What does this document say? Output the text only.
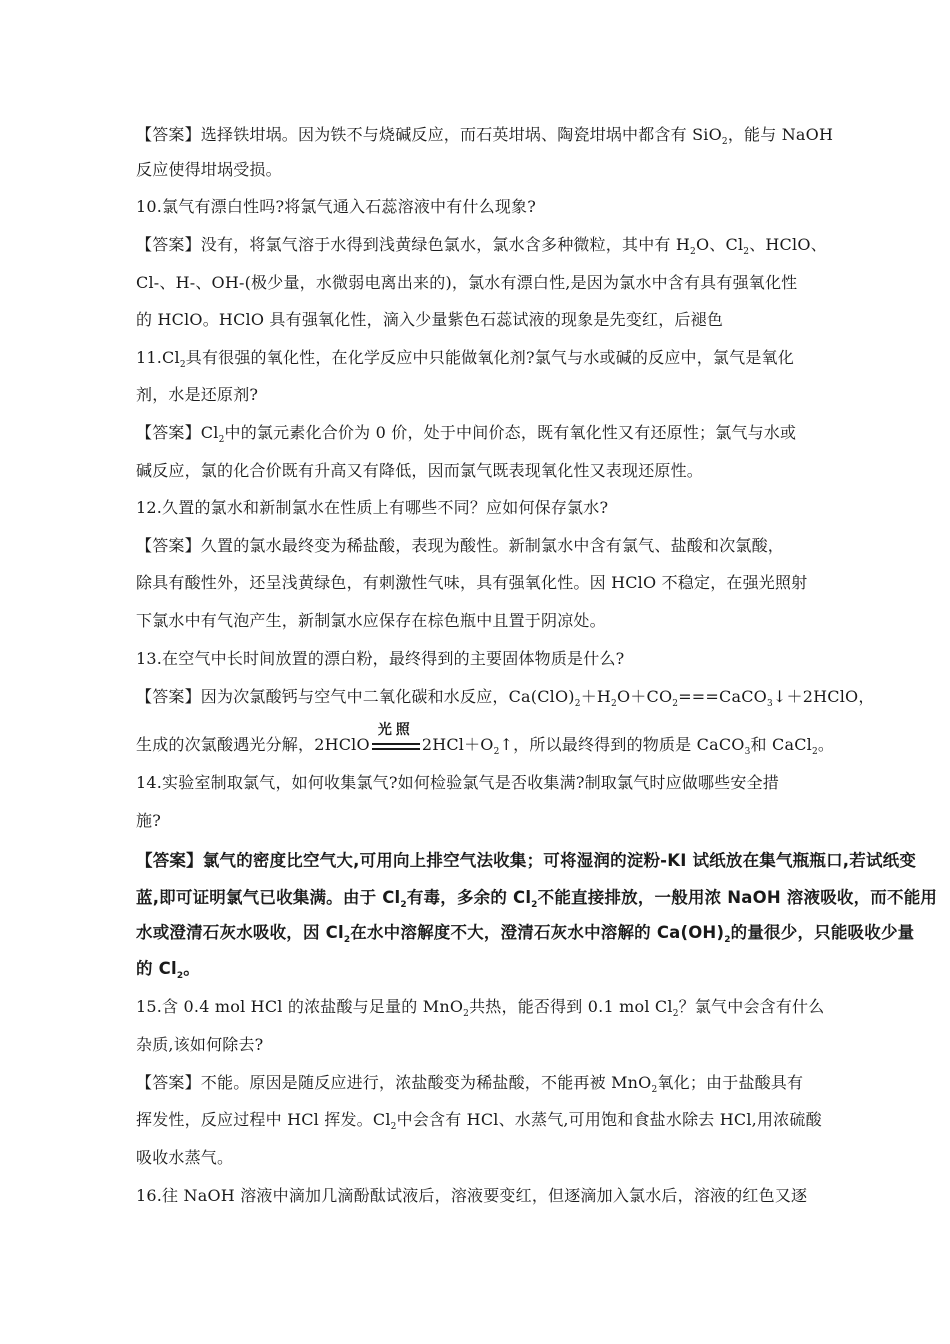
【答案】选择铁坩埚。因为铁不与烧碱反应，而石英坩埚、陶瓷坩埚中都含有 SiO$_2$，能与 NaOH
反应使得坩埚受损。
10.氯气有漂白性吗?将氯气通入石蕊溶液中有什么现象?
【答案】没有，将氯气溶于水得到浅黄绿色氯水，氯水含多种微粒，其中有 $H_2O$、$Cl_2$、HClO、
Cl-、H-、OH-(极少量，水微弱电离出来的)，氯水有漂白性,是因为氯水中含有具有强氧化性
的 HClO。HClO 具有强氧化性，滴入少量紫色石蕊试液的现象是先变红，后褪色
$11.Cl_2$具有很强的氧化性，在化学反应中只能做氧化剂?氯气与水或碱的反应中，氯气是氧化
剂，水是还原剂?
【答案】$Cl_2$中的氯元素化合价为 0 价，处于中间价态，既有氧化性又有还原性；氯气与水或
碱反应，氯的化合价既有升高又有降低，因而氯气既表现氧化性又表现还原性。
12.久置的氯水和新制氯水在性质上有哪些不同？应如何保存氯水?
【答案】久置的氯水最终变为稀盐酸，表现为酸性。新制氯水中含有氯气、盐酸和次氯酸，
除具有酸性外，还呈浅黄绿色，有刺激性气味，具有强氧化性。因 HClO 不稳定，在强光照射
下氯水中有气泡产生，新制氯水应保存在棕色瓶中且置于阴凉处。
13.在空气中长时间放置的漂白粉，最终得到的主要固体物质是什么?
【答案】因为次氯酸钙与空气中二氧化碳和水反应，$Ca(ClO)_2+H_2O+CO_2===CaCO_3↓+2HClO$，
生成的次氯酸遇光分解，2HClO
光照
$2HCl+O_2↑$，所以最终得到的物质是 CaCO$_3$和 CaCl$_2$。
14.实验室制取氯气，如何收集氯气?如何检验氯气是否收集满?制取氯气时应做哪些安全措
施?
【答案】氯气的密度比空气大,可用向上排空气法收集；可将湿润的淀粉-KI 试纸放在集气瓶瓶口,若试纸变
蓝,即可证明氯气已收集满。由于 $Cl_2$有毒，多余的 $Cl_2$不能直接排放，一般用浓 NaOH 溶液吸收，而不能用
水或澄清石灰水吸收，因 $Cl_2$在水中溶解度不大，澄清石灰水中溶解的 $Ca(OH)_2$的量很少，只能吸收少量
的 $Cl_2$。
15.含 0.4 mol HCl 的浓盐酸与足量的 MnO$_2$共热，能否得到 0.1 mol $Cl_2$？氯气中会含有什么
杂质,该如何除去?
【答案】不能。原因是随反应进行，浓盐酸变为稀盐酸，不能再被 MnO$_2$氧化；由于盐酸具有
挥发性，反应过程中 HCl 挥发。$Cl_2$中会含有 HCl、水蒸气,可用饱和食盐水除去 HCl,用浓硫酸
吸收水蒸气。
16.往 NaOH 溶液中滴加几滴酚酞试液后，溶液要变红，但逐滴加入氯水后，溶液的红色又逐
